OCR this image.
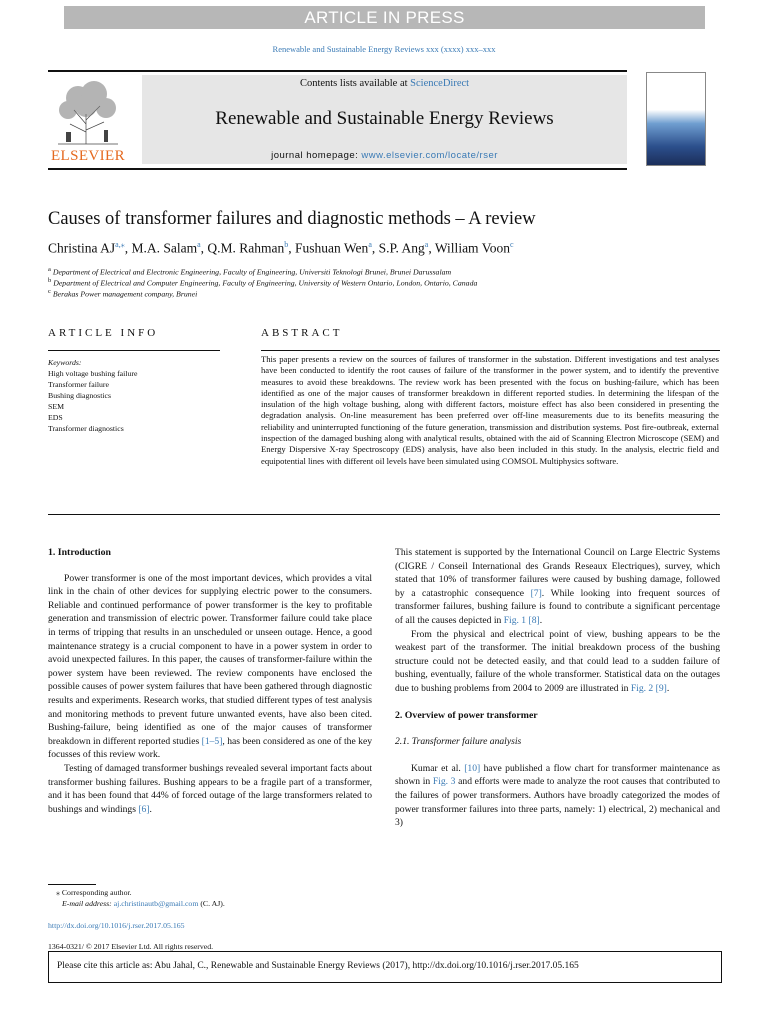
ARTICLE IN PRESS
Renewable and Sustainable Energy Reviews xxx (xxxx) xxx–xxx
ELSEVIER
Contents lists available at ScienceDirect
Renewable and Sustainable Energy Reviews
journal homepage: www.elsevier.com/locate/rser
Causes of transformer failures and diagnostic methods – A review
Christina $AJ^{a,⁎}$, M.A. Salam$^a$, Q.M. Rahman$^b$, Fushuan Wen$^a$, S.P. Ang$^a$, William Voon$^c$
$^a$ Department of Electrical and Electronic Engineering, Faculty of Engineering, Universiti Teknologi Brunei, Brunei Darussalam
$^b$ Department of Electrical and Computer Engineering, Faculty of Engineering, University of Western Ontario, London, Ontario, Canada
$^c$ Berakas Power management company, Brunei
ARTICLE INFO	ABSTRACT
Keywords:
High voltage bushing failure
Transformer failure
Bushing diagnostics
SEM
EDS
Transformer diagnostics
This paper presents a review on the sources of failures of transformer in the substation. Different investigations and test analyses have been conducted to identify the root causes of failure of the transformer in the power system, and to identify the preventive measures to avoid these breakdowns. The review work has been presented with the focus on bushing-failure, which has been identified as one of the major causes of transformer breakdown in different reported studies. In determining the lifespan of the insulation of the high voltage bushing, along with different factors, moisture effect has also been considered in presenting the degradation analysis. On-line measurement has been preferred over off-line measurements due to its benefits measuring the reliability and uninterrupted functioning of the future generation, transmission and distribution systems. Post fire-outbreak, external inspection of the damaged bushing along with analytical results, obtained with the aid of Scanning Electron Microscope (SEM) and Energy Dispersive X-ray Spectroscopy (EDS) analysis, have also been included in this study. In the analysis, electric field and equipotential lines with different oil levels have been simulated using COMSOL Multiphysics software.
1. Introduction

Power transformer is one of the most important devices, which provides a vital link in the chain of other devices for supplying electric power to the consumers. Reliable and continued performance of power transformer is the key to profitable generation and transmission of electric power. Transformer failure could take place in terms of tripping that results in an unscheduled or unseen outage. Hence, a good maintenance strategy is a crucial component to have in a power system in order to avoid unexpected failures. In this paper, the causes of transformer-failure within the power system have been reviewed. The review components have enclosed the possible causes of power system failures that have been gathered through diagnostic results and experiments. Research works, that studied different types of test analysis and monitoring methods to prevent future unwanted events, have also been cited. Bushing-failure, being identified as one of the major causes of transformer breakdown in different reported studies [1–5], has been considered as one of the key focusses of this review work.

Testing of damaged transformer bushings revealed several important facts about transformer bushing failures. Bushing appears to be a fragile part of a transformer, and it has been found that 44% of forced outage of the large transformers related to bushings and windings [6].

This statement is supported by the International Council on Large Electric Systems (CIGRE / Conseil International des Grands Reseaux Electriques), survey, which stated that 10% of transformer failures were caused by bushing damage, followed by a catastrophic consequence [7]. While looking into frequent sources of transformer failures, bushing failure is found to contribute a significant percentage of all the causes depicted in Fig. 1 [8].

From the physical and electrical point of view, bushing appears to be the weakest part of the transformer. The initial breakdown process of the bushing structure could not be detected easily, and that could lead to a sudden failure of bushing, eventually, failure of the whole transformer. Statistical data on the outages due to bushing problems from 2004 to 2009 are illustrated in Fig. 2 [9].

2. Overview of power transformer
2.1. Transformer failure analysis

Kumar et al. [10] have published a flow chart for transformer maintenance as shown in Fig. 3 and efforts were made to analyze the root causes that contributed to the failures of power transformers. Authors have broadly categorized the modes of power transformer failures into three parts, namely: 1) electrical, 2) mechanical and 3)

⁎ Corresponding author.
E-mail address: aj.christinautb@gmail.com (C. AJ).
http://dx.doi.org/10.1016/j.rser.2017.05.165
1364-0321/ © 2017 Elsevier Ltd. All rights reserved.
Please cite this article as: Abu Jahal, C., Renewable and Sustainable Energy Reviews (2017), http://dx.doi.org/10.1016/j.rser.2017.05.165
